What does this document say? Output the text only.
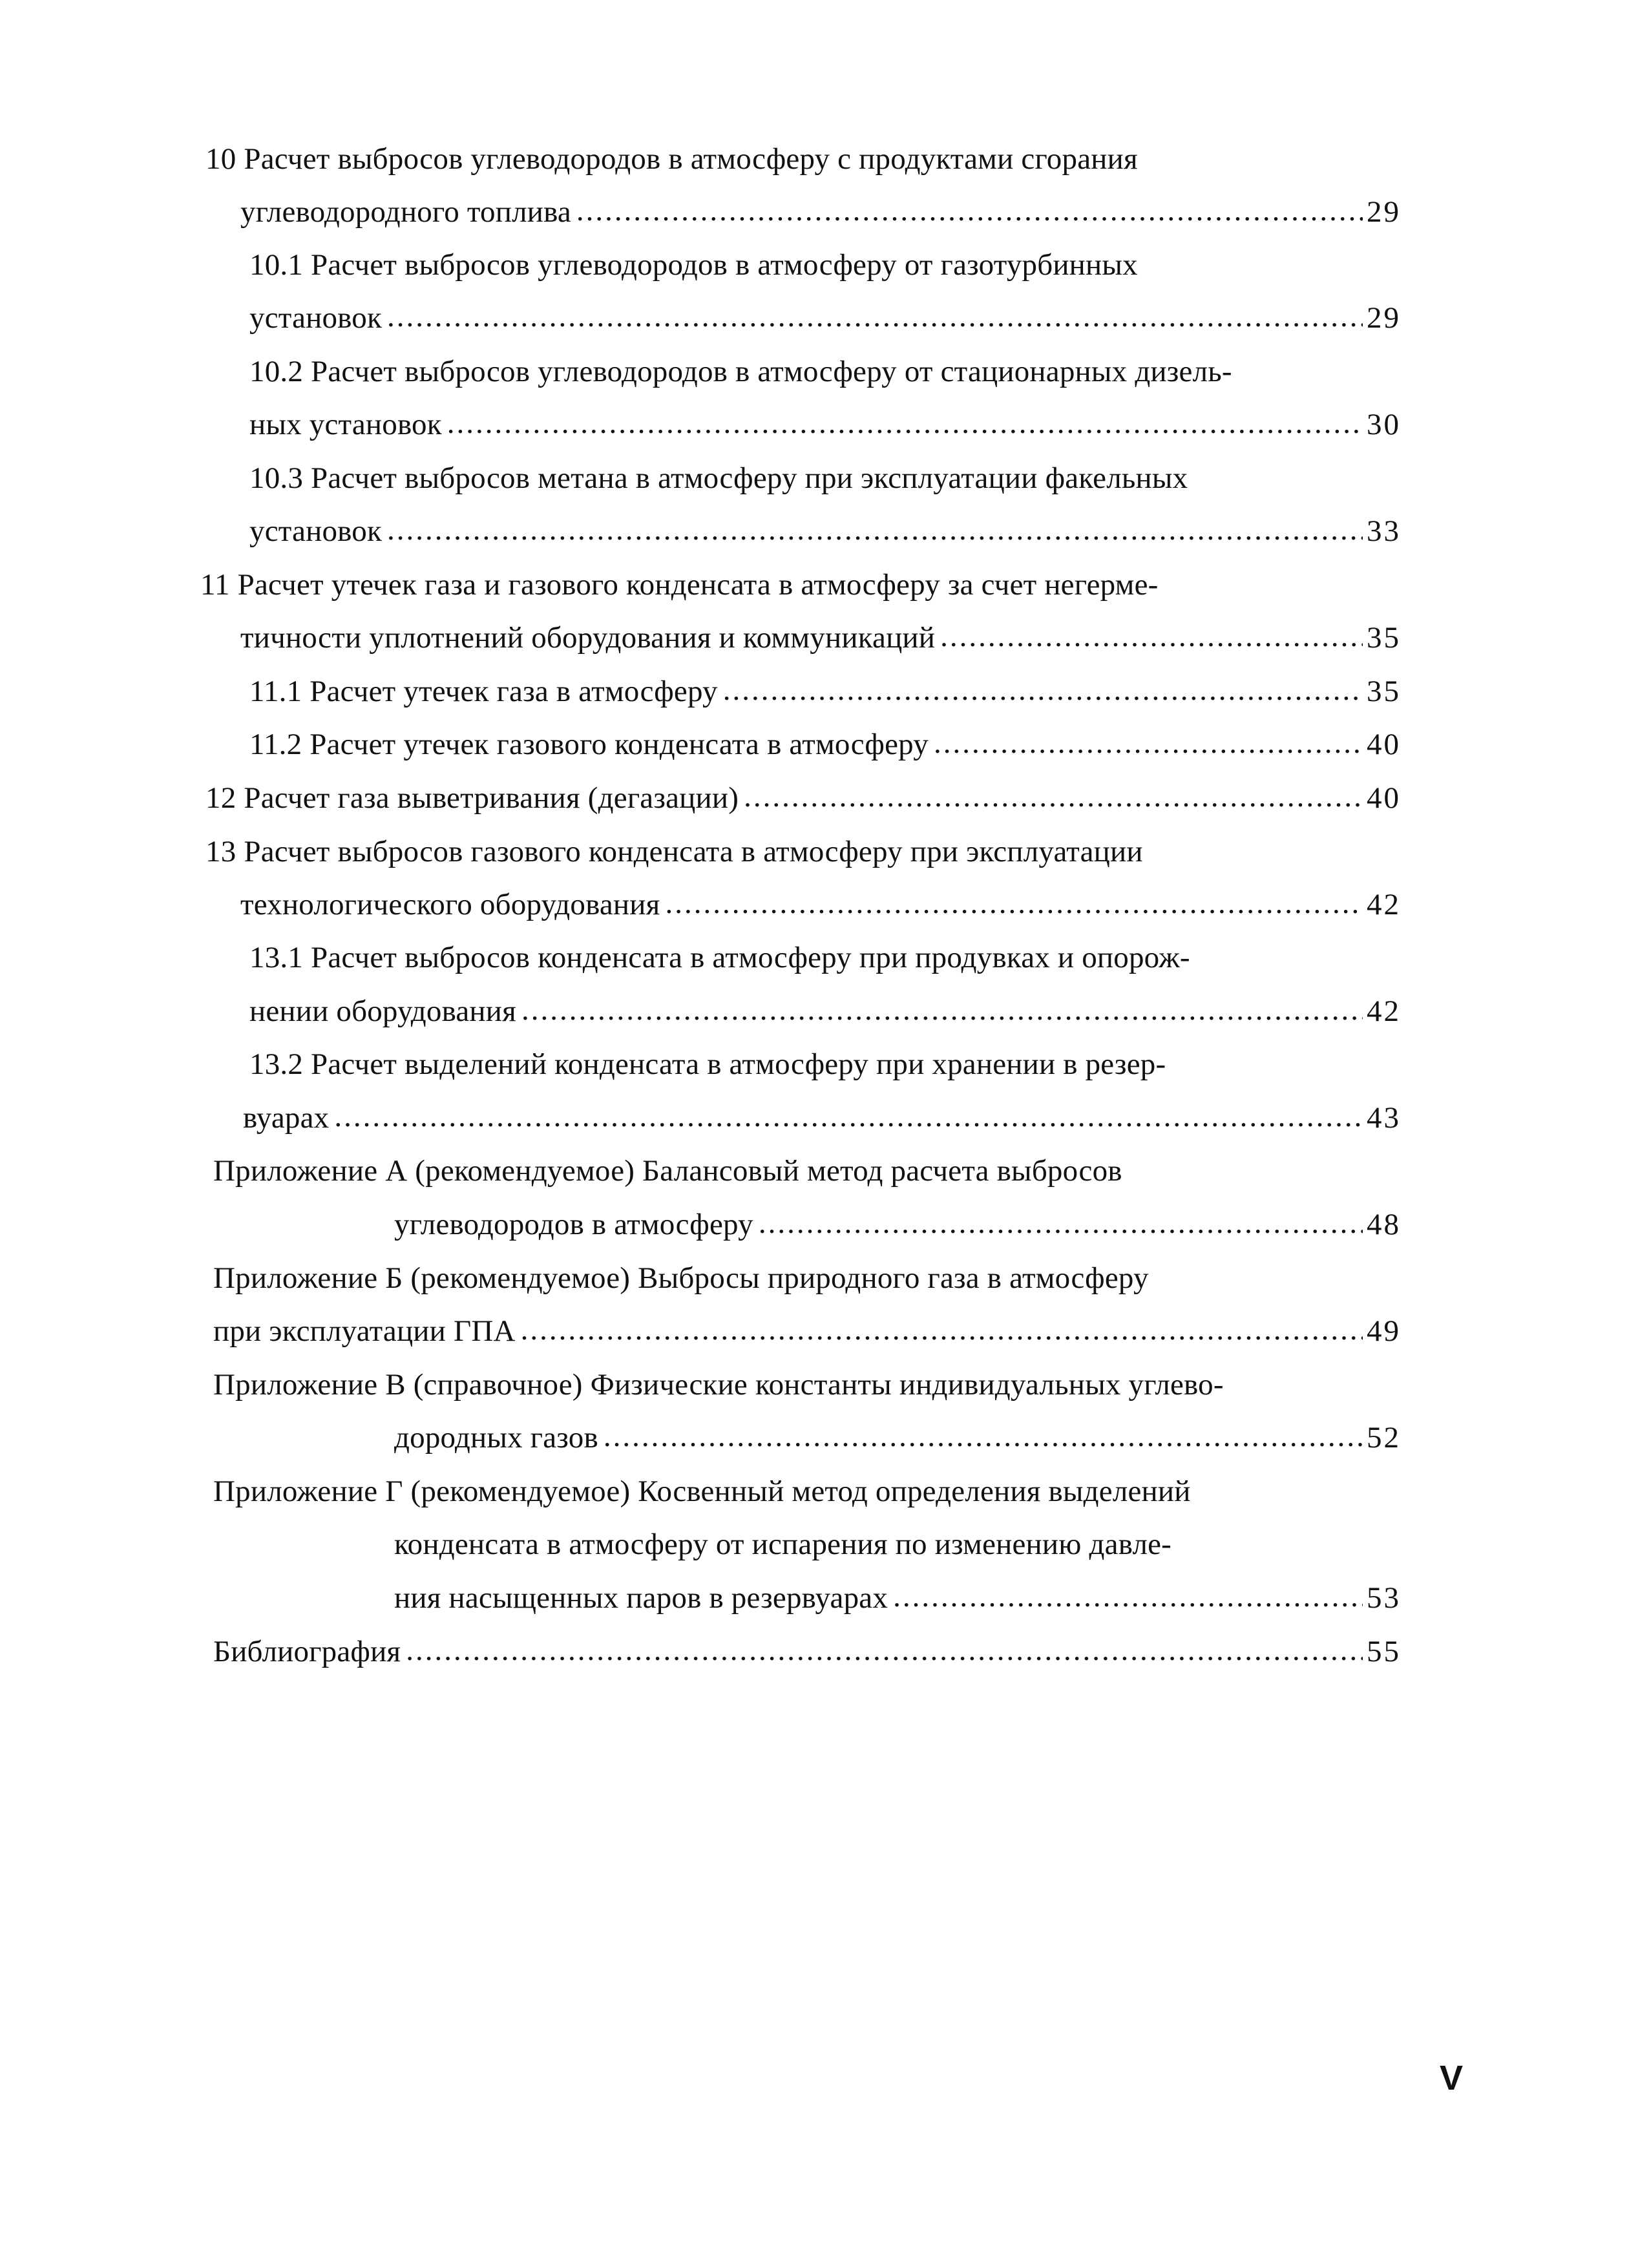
10 Расчет выбросов углеводородов в атмосферу с продуктами сгорания
углеводородного топлива .....	29
10.1 Расчет выбросов углеводородов в атмосферу от газотурбинных
установок .....	29
10.2 Расчет выбросов углеводородов в атмосферу от стационарных дизель-
ных установок .....	30
10.3 Расчет выбросов метана в атмосферу при эксплуатации факельных
установок .....	33
11 Расчет утечек газа и газового конденсата в атмосферу за счет негерме-
тичности уплотнений оборудования и коммуникаций .....	35
11.1 Расчет утечек газа в атмосферу .....	35
11.2 Расчет утечек газового конденсата в атмосферу .....	40
12 Расчет газа выветривания (дегазации) .....	40
13 Расчет выбросов газового конденсата в атмосферу при эксплуатации
технологического оборудования .....	42
13.1 Расчет выбросов конденсата в атмосферу при продувках и опорож-
нении оборудования .....	42
13.2 Расчет выделений конденсата в атмосферу при хранении в резер-
вуарах .....	43
Приложение А (рекомендуемое) Балансовый метод расчета выбросов
углеводородов в атмосферу .....	48
Приложение Б (рекомендуемое) Выбросы природного газа в атмосферу
при эксплуатации ГПА .....	49
Приложение В (справочное) Физические константы индивидуальных углево-
дородных газов .....	52
Приложение Г (рекомендуемое) Косвенный метод определения выделений
конденсата в атмосферу от испарения по изменению давле-
ния насыщенных паров в резервуарах .....	53
Библиография .....	55
V
